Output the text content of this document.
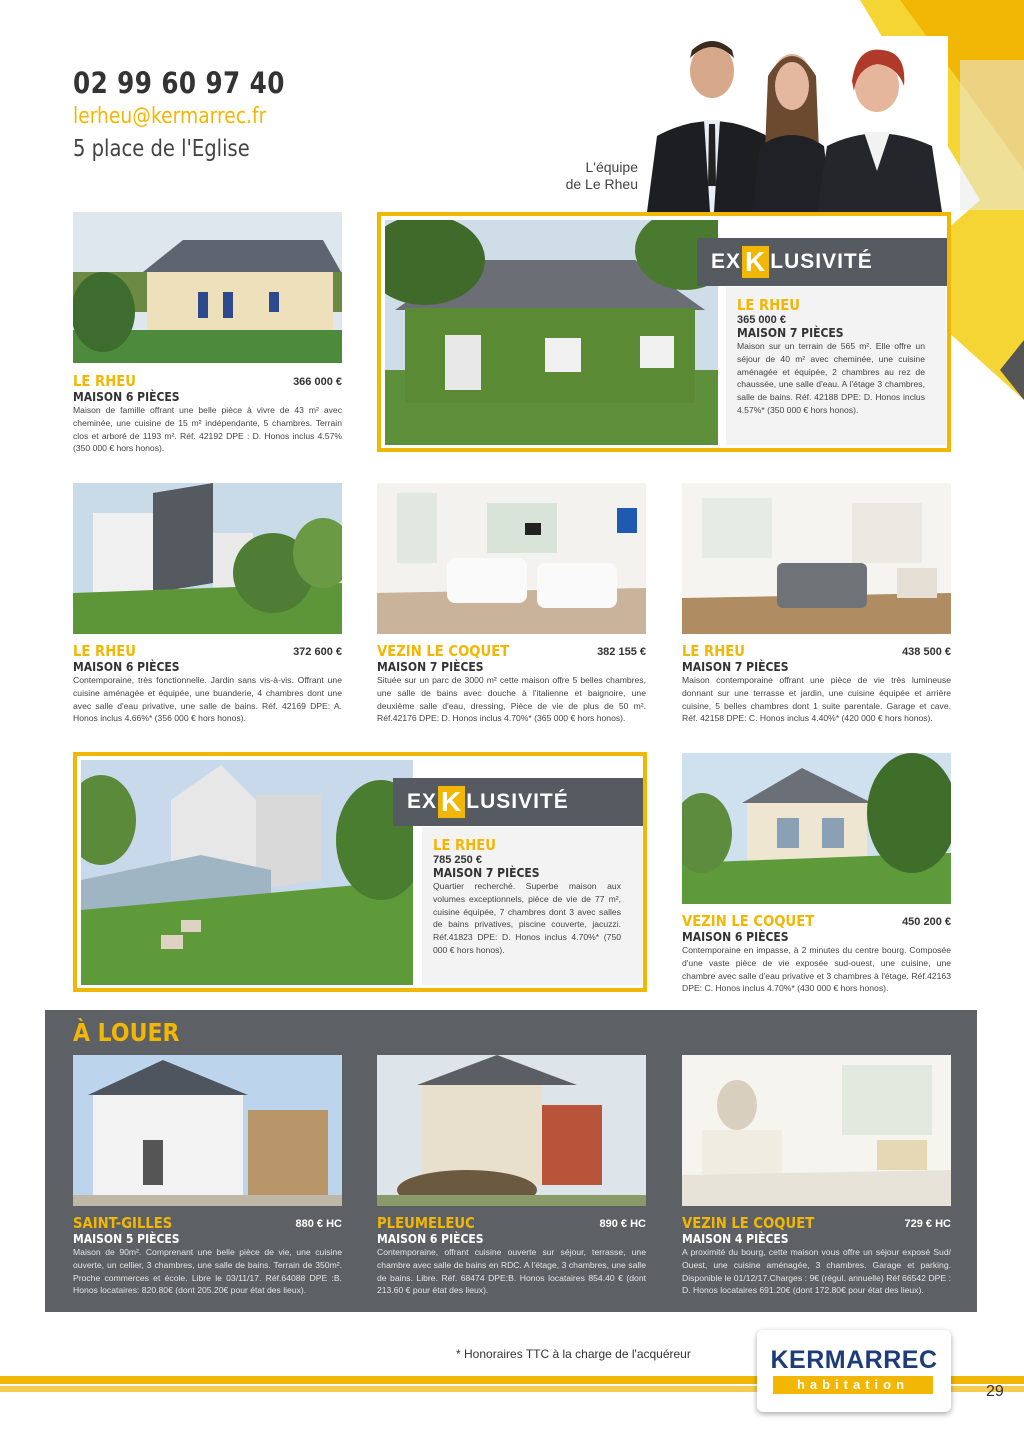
02 99 60 97 40
lerheu@kermarrec.fr
5 place de l'Eglise
L'équipe
de Le Rheu
LE RHEU	366 000 €
MAISON 6 PIÈCES
Maison de famille offrant une belle pièce à vivre de 43 m² avec cheminée, une cuisine de 15 m² indépendante, 5 chambres. Terrain clos et arboré de 1193 m². Réf. 42192 DPE : D. Honos inclus 4.57% (350 000 € hors honos).
EX K LUSIVITÉ
LE RHEU
365 000 €
MAISON 7 PIÈCES
Maison sur un terrain de 565 m². Elle offre un séjour de 40 m² avec cheminée, une cuisine aménagée et équipée, 2 chambres au rez de chaussée, une salle d'eau. A l'étage 3 chambres, salle de bains. Réf. 42188 DPE: D. Honos inclus 4.57%* (350 000 € hors honos).
LE RHEU	372 600 €
MAISON 6 PIÈCES
Contemporaine, très fonctionnelle. Jardin sans vis-à-vis. Offrant une cuisine aménagée et équipée, une buanderie, 4 chambres dont une avec salle d'eau privative, une salle de bains. Réf. 42169 DPE: A. Honos inclus 4.66%* (356 000 € hors honos).
VEZIN LE COQUET	382 155 €
MAISON 7 PIÈCES
Située sur un parc de 3000 m² cette maison offre 5 belles chambres, une salle de bains avec douche à l'italienne et baignoire, une deuxième salle d'eau, dressing, Pièce de vie de plus de 50 m². Réf.42176 DPE: D. Honos inclus 4.70%* (365 000 € hors honos).
LE RHEU	438 500 €
MAISON 7 PIÈCES
Maison contemporaine offrant une pièce de vie très lumineuse donnant sur une terrasse et jardin, une cuisine équipée et arrière cuisine, 5 belles chambres dont 1 suite parentale. Garage et cave. Réf. 42158 DPE: C. Honos inclus 4.40%* (420 000 € hors honos).
EX K LUSIVITÉ
LE RHEU
785 250 €
MAISON 7 PIÈCES
Quartier recherché. Superbe maison aux volumes exceptionnels, pièce de vie de 77 m², cuisine équipée, 7 chambres dont 3 avec salles de bains privatives, piscine couverte, jacuzzi. Réf.41823 DPE: D. Honos inclus 4.70%* (750 000 € hors honos).
VEZIN LE COQUET	450 200 €
MAISON 6 PIÈCES
Contemporaine en impasse, à 2 minutes du centre bourg. Composée d'une vaste pièce de vie exposée sud-ouest, une cuisine, une chambre avec salle d'eau privative et 3 chambres à l'étage. Réf.42163 DPE: C. Honos inclus 4.70%* (430 000 € hors honos).
À LOUER
SAINT-GILLES	880 € HC
MAISON 5 PIÈCES
Maison de 90m². Comprenant une belle pièce de vie, une cuisine ouverte, un cellier, 3 chambres, une salle de bains. Terrain de 350m². Proche commerces et école. Libre le 03/11/17. Réf.64088 DPE :B. Honos locataires: 820.80€ (dont 205.20€ pour état des lieux).
PLEUMELEUC	890 € HC
MAISON 6 PIÈCES
Contemporaine, offrant cuisine ouverte sur séjour, terrasse, une chambre avec salle de bains en RDC. A l'étage, 3 chambres, une salle de bains. Libre. Réf. 68474 DPE:B. Honos locataires 854.40 € (dont 213.60 € pour état des lieux).
VEZIN LE COQUET	729 € HC
MAISON 4 PIÈCES
A proximité du bourg, cette maison vous offre un séjour exposé Sud/ Ouest, une cuisine aménagée, 3 chambres. Garage et parking. Disponible le 01/12/17.Charges : 9€ (régul. annuelle) Réf 66542 DPE : D. Honos locataires 691.20€ (dont 172.80€ pour état des lieux).
* Honoraires TTC à la charge de l'acquéreur	KERMARREC
habitation	29
